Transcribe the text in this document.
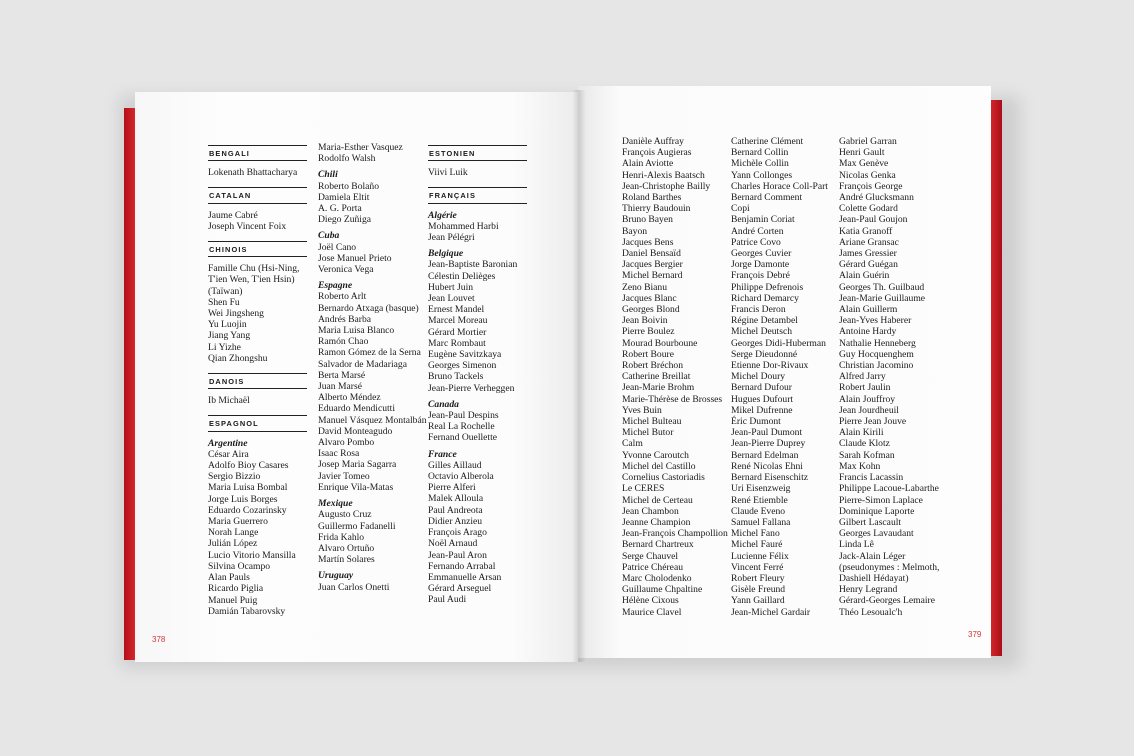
BENGALI
Lokenath Bhattacharya
CATALAN
Jaume Cabré
Joseph Vincent Foix
CHINOIS
Famille Chu (Hsi-Ning,
T'ien Wen, T'ien Hsin)
(Taïwan)
Shen Fu
Wei Jingsheng
Yu Luojin
Jiang Yang
Li Yizhe
Qian Zhongshu
DANOIS
Ib Michaël
ESPAGNOL
Argentine
César Aira
Adolfo Bioy Casares
Sergio Bizzio
Maria Luisa Bombal
Jorge Luis Borges
Eduardo Cozarinsky
Maria Guerrero
Norah Lange
Julián López
Lucio Vitorio Mansilla
Silvina Ocampo
Alan Pauls
Ricardo Piglia
Manuel Puig
Damián Tabarovsky
Maria-Esther Vasquez
Rodolfo Walsh
Chili
Roberto Bolaño
Damiela Eltit
A. G. Porta
Diego Zuñiga
Cuba
Joël Cano
Jose Manuel Prieto
Veronica Vega
Espagne
Roberto Arlt
Bernardo Atxaga (basque)
Andrés Barba
Maria Luisa Blanco
Ramón Chao
Ramon Gómez de la Serna
Salvador de Madariaga
Berta Marsé
Juan Marsé
Alberto Méndez
Eduardo Mendicutti
Manuel Vásquez Montalbán
David Monteagudo
Alvaro Pombo
Isaac Rosa
Josep Maria Sagarra
Javier Tomeo
Enrique Vila-Matas
Mexique
Augusto Cruz
Guillermo Fadanelli
Frida Kahlo
Alvaro Ortuño
Martín Solares
Uruguay
Juan Carlos Onetti
ESTONIEN
Viivi Luik
FRANÇAIS
Algérie
Mohammed Harbi
Jean Pélégri
Belgique
Jean-Baptiste Baronian
Célestin Delièges
Hubert Juin
Jean Louvet
Ernest Mandel
Marcel Moreau
Gérard Mortier
Marc Rombaut
Eugène Savitzkaya
Georges Simenon
Bruno Tackels
Jean-Pierre Verheggen
Canada
Jean-Paul Despins
Real La Rochelle
Fernand Ouellette
France
Gilles Aillaud
Octavio Alberola
Pierre Alferi
Malek Alloula
Paul Andreota
Didier Anzieu
François Arago
Noël Arnaud
Jean-Paul Aron
Fernando Arrabal
Emmanuelle Arsan
Gérard Arseguel
Paul Audi
Danièle Auffray
François Augieras
Alain Aviotte
Henri-Alexis Baatsch
Jean-Christophe Bailly
Roland Barthes
Thierry Baudouin
Bruno Bayen
Bayon
Jacques Bens
Daniel Bensaïd
Jacques Bergier
Michel Bernard
Zeno Bianu
Jacques Blanc
Georges Blond
Jean Boivin
Pierre Boulez
Mourad Bourboune
Robert Boure
Robert Bréchon
Catherine Breillat
Jean-Marie Brohm
Marie-Thérèse de Brosses
Yves Buin
Michel Bulteau
Michel Butor
Calm
Yvonne Caroutch
Michel del Castillo
Cornelius Castoriadis
Le CERES
Michel de Certeau
Jean Chambon
Jeanne Champion
Jean-François Champollion
Bernard Chartreux
Serge Chauvel
Patrice Chéreau
Marc Cholodenko
Guillaume Chpaltine
Hélène Cixous
Maurice Clavel
Catherine Clément
Bernard Collin
Michèle Collin
Yann Collonges
Charles Horace Coll-Part
Bernard Comment
Copi
Benjamin Coriat
André Corten
Patrice Covo
Georges Cuvier
Jorge Damonte
François Debré
Philippe Defrenois
Richard Demarcy
Francis Deron
Régine Detambel
Michel Deutsch
Georges Didi-Huberman
Serge Dieudonné
Etienne Dor-Rivaux
Michel Doury
Bernard Dufour
Hugues Dufourt
Mikel Dufrenne
Éric Dumont
Jean-Paul Dumont
Jean-Pierre Duprey
Bernard Edelman
René Nicolas Ehni
Bernard Eisenschitz
Uri Eisenzweig
René Etiemble
Claude Eveno
Samuel Fallana
Michel Fano
Michel Fauré
Lucienne Félix
Vincent Ferré
Robert Fleury
Gisèle Freund
Yann Gaillard
Jean-Michel Gardair
Gabriel Garran
Henri Gault
Max Genève
Nicolas Genka
François George
André Glucksmann
Colette Godard
Jean-Paul Goujon
Katia Granoff
Ariane Gransac
James Gressier
Gérard Guégan
Alain Guérin
Georges Th. Guilbaud
Jean-Marie Guillaume
Alain Guillerm
Jean-Yves Haberer
Antoine Hardy
Nathalie Henneberg
Guy Hocquenghem
Christian Jacomino
Alfred Jarry
Robert Jaulin
Alain Jouffroy
Jean Jourdheuil
Pierre Jean Jouve
Alain Kirili
Claude Klotz
Sarah Kofman
Max Kohn
Francis Lacassin
Philippe Lacoue-Labarthe
Pierre-Simon Laplace
Dominique Laporte
Gilbert Lascault
Georges Lavaudant
Linda Lê
Jack-Alain Léger
(pseudonymes : Melmoth,
Dashiell Hédayat)
Henry Legrand
Gérard-Georges Lemaire
Théo Lesoualc'h
378
379
